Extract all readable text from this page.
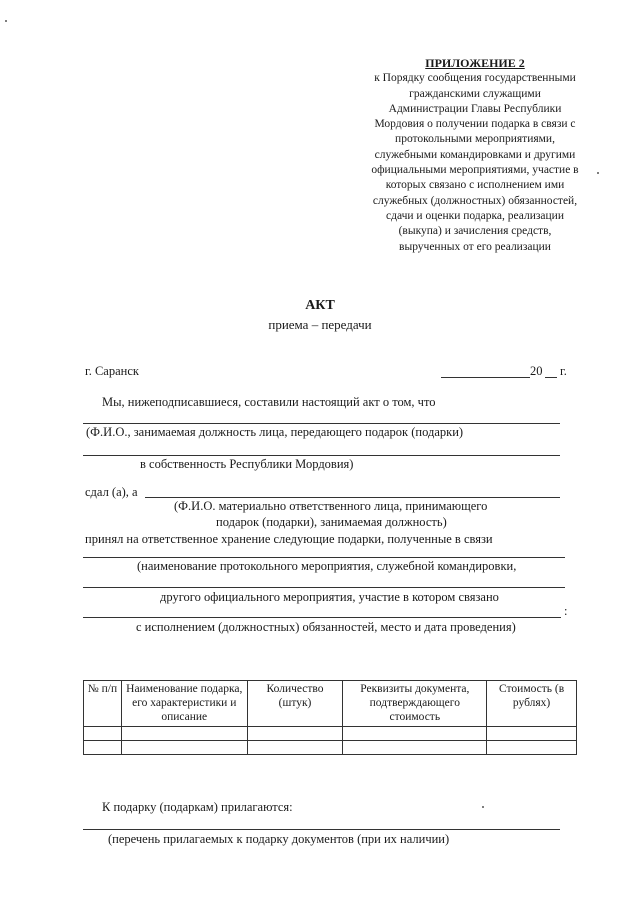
ПРИЛОЖЕНИЕ 2
к Порядку сообщения государственными
гражданскими служащими
Администрации Главы Республики
Мордовия о получении подарка в связи с
протокольными мероприятиями,
служебными командировками и другими
официальными мероприятиями, участие в
которых связано с исполнением ими
служебных (должностных) обязанностей,
сдачи и оценки подарка, реализации
(выкупа) и зачисления средств,
вырученных от его реализации
АКТ
приема – передачи
г. Саранск	20 г.
Мы, нижеподписавшиеся, составили настоящий акт о том, что
(Ф.И.О., занимаемая должность лица, передающего подарок (подарки)
в собственность Республики Мордовия)
сдал (а), а
(Ф.И.О. материально ответственного лица, принимающего
подарок (подарки), занимаемая должность)
принял на ответственное хранение следующие подарки, полученные в связи
(наименование протокольного мероприятия, служебной командировки,
другого официального мероприятия, участие в котором связано
:
с исполнением (должностных) обязанностей, место и дата проведения)
№ п/п	Наименование подарка, его характеристики и описание	Количество (штук)	Реквизиты документа, подтверждающего стоимость	Стоимость (в рублях)

К подарку (подаркам) прилагаются:
(перечень прилагаемых к подарку документов (при их наличии)
